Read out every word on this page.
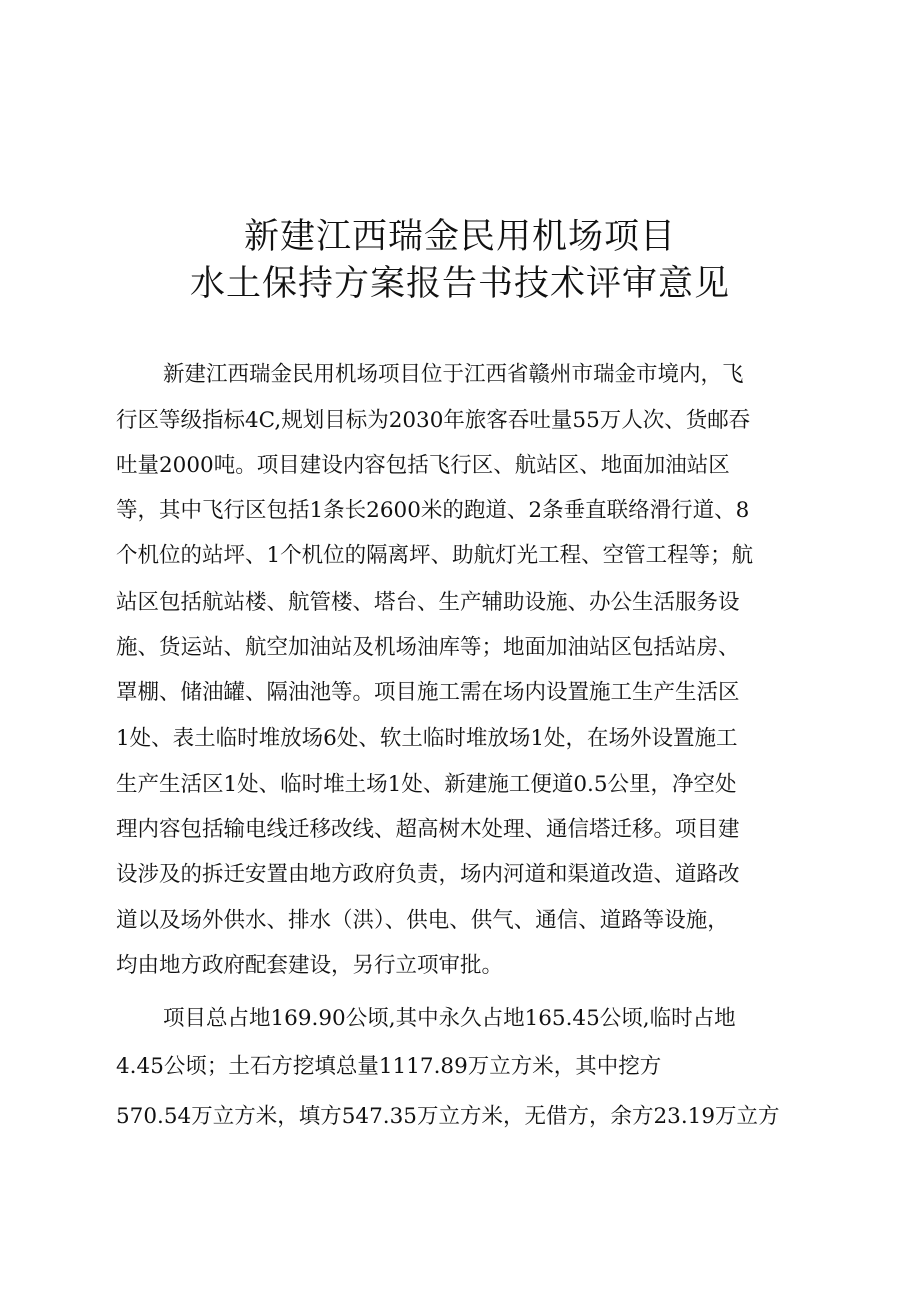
新建江西瑞金民用机场项目
水土保持方案报告书技术评审意见
新建江西瑞金民用机场项目位于江西省赣州市瑞金市境内，飞
行区等级指标4C,规划目标为2030年旅客吞吐量55万人次、货邮吞
吐量2000吨。项目建设内容包括飞行区、航站区、地面加油站区
等，其中飞行区包括1条长2600米的跑道、2条垂直联络滑行道、8
个机位的站坪、1个机位的隔离坪、助航灯光工程、空管工程等；航
站区包括航站楼、航管楼、塔台、生产辅助设施、办公生活服务设
施、货运站、航空加油站及机场油库等；地面加油站区包括站房、
罩棚、储油罐、隔油池等。项目施工需在场内设置施工生产生活区
1处、表土临时堆放场6处、软土临时堆放场1处，在场外设置施工
生产生活区1处、临时堆土场1处、新建施工便道0.5公里，净空处
理内容包括输电线迁移改线、超高树木处理、通信塔迁移。项目建
设涉及的拆迁安置由地方政府负责，场内河道和渠道改造、道路改
道以及场外供水、排水（洪）、供电、供气、通信、道路等设施，
均由地方政府配套建设，另行立项审批。
项目总占地169.90公顷,其中永久占地165.45公顷,临时占地
4.45公顷；土石方挖填总量1117.89万立方米，其中挖方
570.54万立方米，填方547.35万立方米，无借方，余方23.19万立方
